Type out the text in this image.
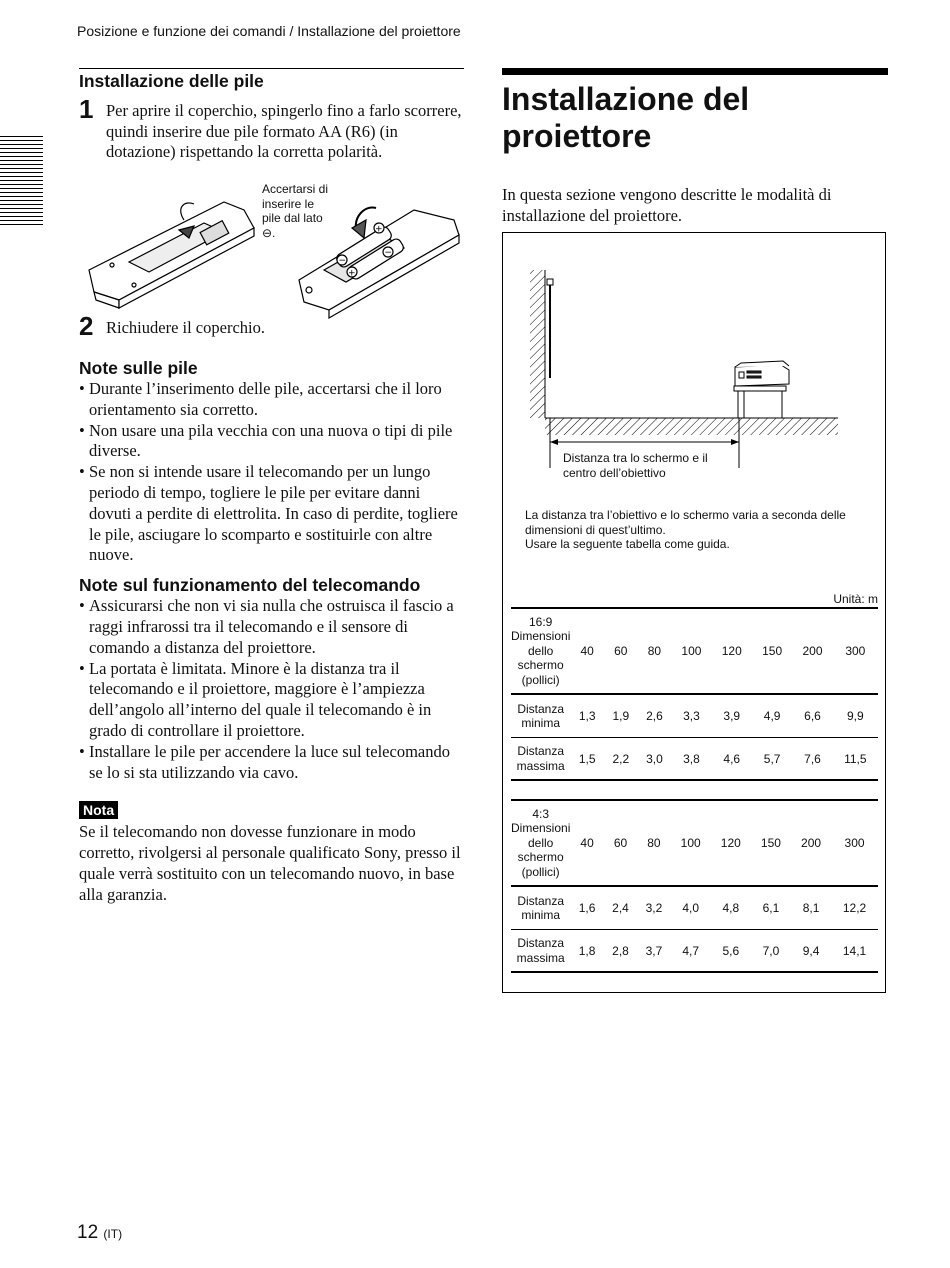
Posizione e funzione dei comandi / Installazione del proiettore
Installazione delle pile
1 Per aprire il coperchio, spingerlo fino a farlo scorrere, quindi inserire due pile formato AA (R6) (in dotazione) rispettando la corretta polarità.
2 Richiudere il coperchio.
Note sulle pile
• Durante l’inserimento delle pile, accertarsi che il loro orientamento sia corretto.
• Non usare una pila vecchia con una nuova o tipi di pile diverse.
• Se non si intende usare il telecomando per un lungo periodo di tempo, togliere le pile per evitare danni dovuti a perdite di elettrolita. In caso di perdite, togliere le pile, asciugare lo scomparto e sostituirle con altre nuove.
Note sul funzionamento del telecomando
• Assicurarsi che non vi sia nulla che ostruisca il fascio a raggi infrarossi tra il telecomando e il sensore di comando a distanza del proiettore.
• La portata è limitata. Minore è la distanza tra il telecomando e il proiettore, maggiore è l’ampiezza dell’angolo all’interno del quale il telecomando è in grado di controllare il proiettore.
• Installare le pile per accendere la luce sul telecomando se lo si sta utilizzando via cavo.
Nota
Se il telecomando non dovesse funzionare in modo corretto, rivolgersi al personale qualificato Sony, presso il quale verrà sostituito con un telecomando nuovo, in base alla garanzia.
−
+
+
−
Accertarsi di
inserire le
pile dal lato
⊖.
Installazione del
proiettore
In questa sezione vengono descritte le modalità di installazione del proiettore.
Distanza tra lo schermo e il
centro dell’obiettivo
La distanza tra l’obiettivo e lo schermo varia a seconda delle
dimensioni di quest’ultimo.
Usare la seguente tabella come guida.
Unità: m
16:9
Dimensioni
dello
schermo
(pollici)	40	60	80	100	120	150	200	300

Distanza
minima	1,3	1,9	2,6	3,3	3,9	4,9	6,6	9,9

Distanza
massima	1,5	2,2	3,0	3,8	4,6	5,7	7,6	11,5
4:3
Dimensioni
dello
schermo
(pollici)	40	60	80	100	120	150	200	300

Distanza
minima	1,6	2,4	3,2	4,0	4,8	6,1	8,1	12,2

Distanza
massima	1,8	2,8	3,7	4,7	5,6	7,0	9,4	14,1
12 (IT)
